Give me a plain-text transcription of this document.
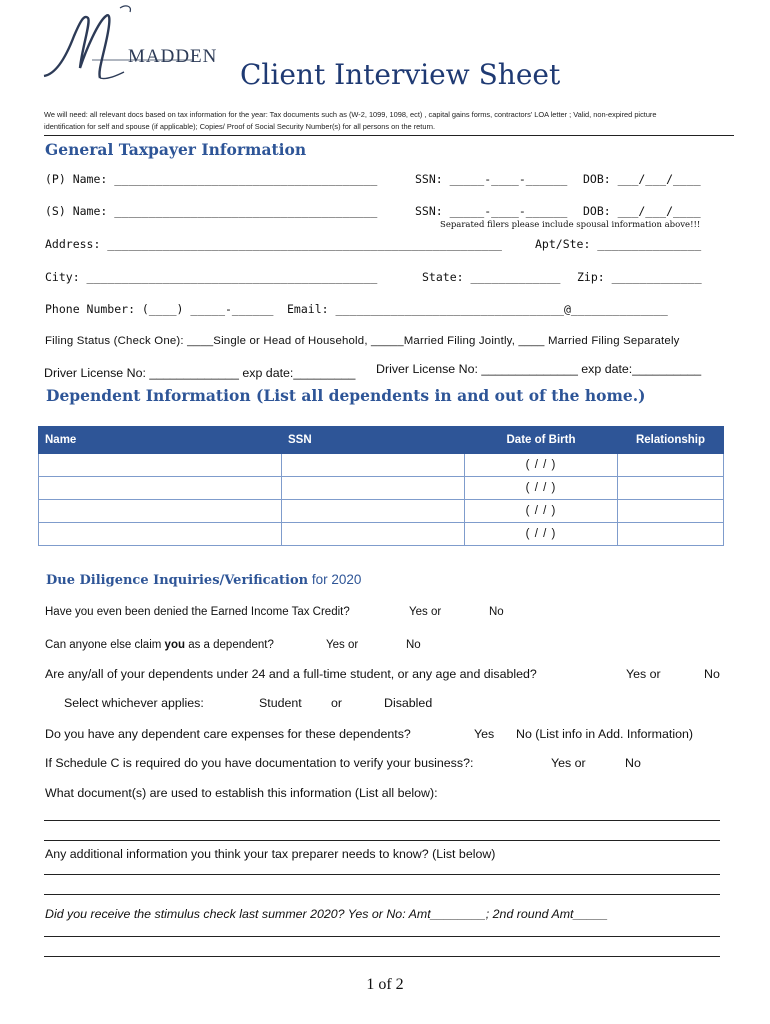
MADDEN
Client Interview Sheet
We will need: all relevant docs based on tax information for the year: Tax documents such as (W-2, 1099, 1098, ect) , capital gains forms, contractors’ LOA letter ; Valid, non-expired picture
identification for self and spouse (if applicable); Copies/ Proof of Social Security Number(s) for all persons on the return.
General Taxpayer Information
(P) Name: ______________________________________	SSN: _____-____-______ DOB: ___/___/____
(S) Name: ______________________________________	SSN: _____-____-______ DOB: ___/___/____
Separated filers please include spousal information above!!!
Address: _________________________________________________________	Apt/Ste: _______________
City: __________________________________________	State: _____________ Zip: _____________
Phone Number: (____) _____-______ Email: _________________________________@______________
Filing Status (Check One): ____Single or Head of Household, _____Married Filing Jointly, ____ Married Filing Separately
Driver License No: _____________ exp date:_________ Driver License No: ______________ exp date:__________
Dependent Information (List all dependents in and out of the home.)
Name	SSN	Date of Birth	Relationship
		( / / )	
		( / / )	
		( / / )	
		( / / )	
Due Diligence Inquiries/Verification for 2020
Have you even been denied the Earned Income Tax Credit?	Yes or	No
Can anyone else claim you as a dependent?	Yes or	No
Are any/all of your dependents under 24 and a full-time student, or any age and disabled?	Yes or	No
Select whichever applies:	Student or	Disabled
Do you have any dependent care expenses for these dependents?	Yes No (List info in Add. Information)
If Schedule C is required do you have documentation to verify your business?:	Yes or	No
What document(s) are used to establish this information (List all below):
Any additional information you think your tax preparer needs to know? (List below)
Did you receive the stimulus check last summer 2020? Yes or No: Amt________; 2nd round Amt_____
1 of 2
